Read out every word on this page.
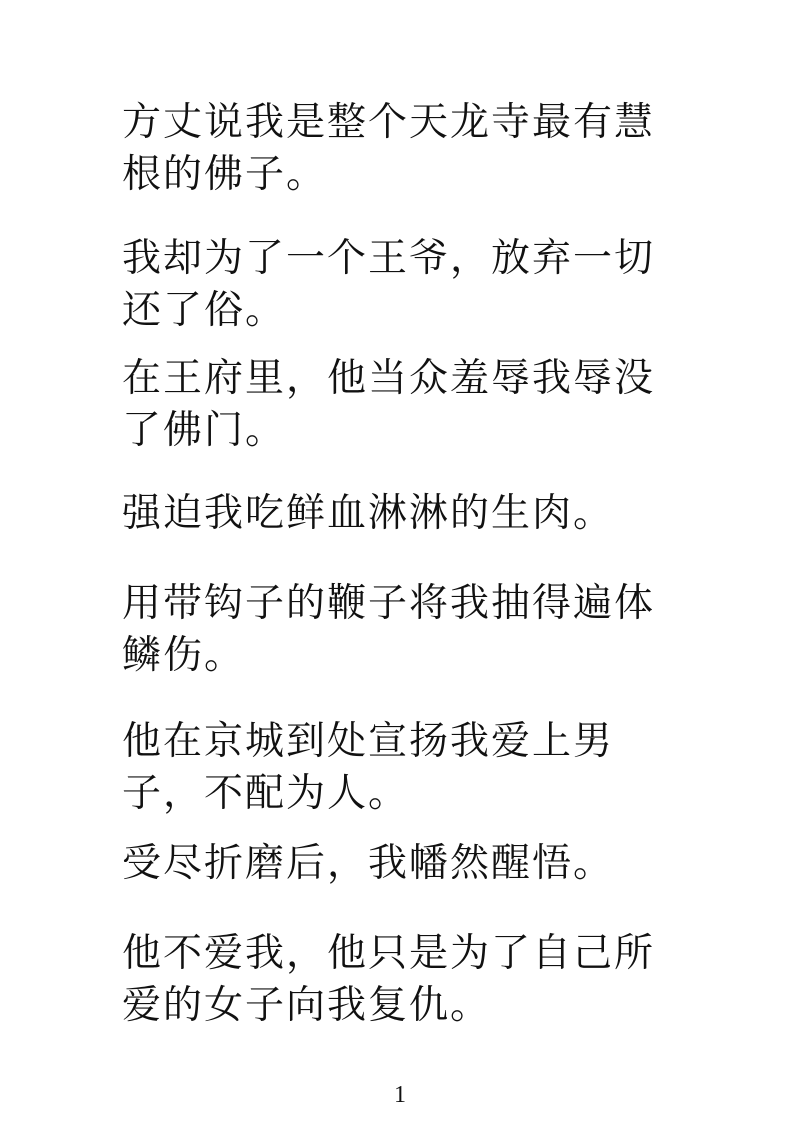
方丈说我是整个天龙寺最有慧根的佛子。

我却为了一个王爷，放弃一切还了俗。

在王府里，他当众羞辱我辱没了佛门。

强迫我吃鲜血淋淋的生肉。

用带钩子的鞭子将我抽得遍体鳞伤。

他在京城到处宣扬我爱上男子，不配为人。

受尽折磨后，我幡然醒悟。

他不爱我，他只是为了自己所爱的女子向我复仇。

1
